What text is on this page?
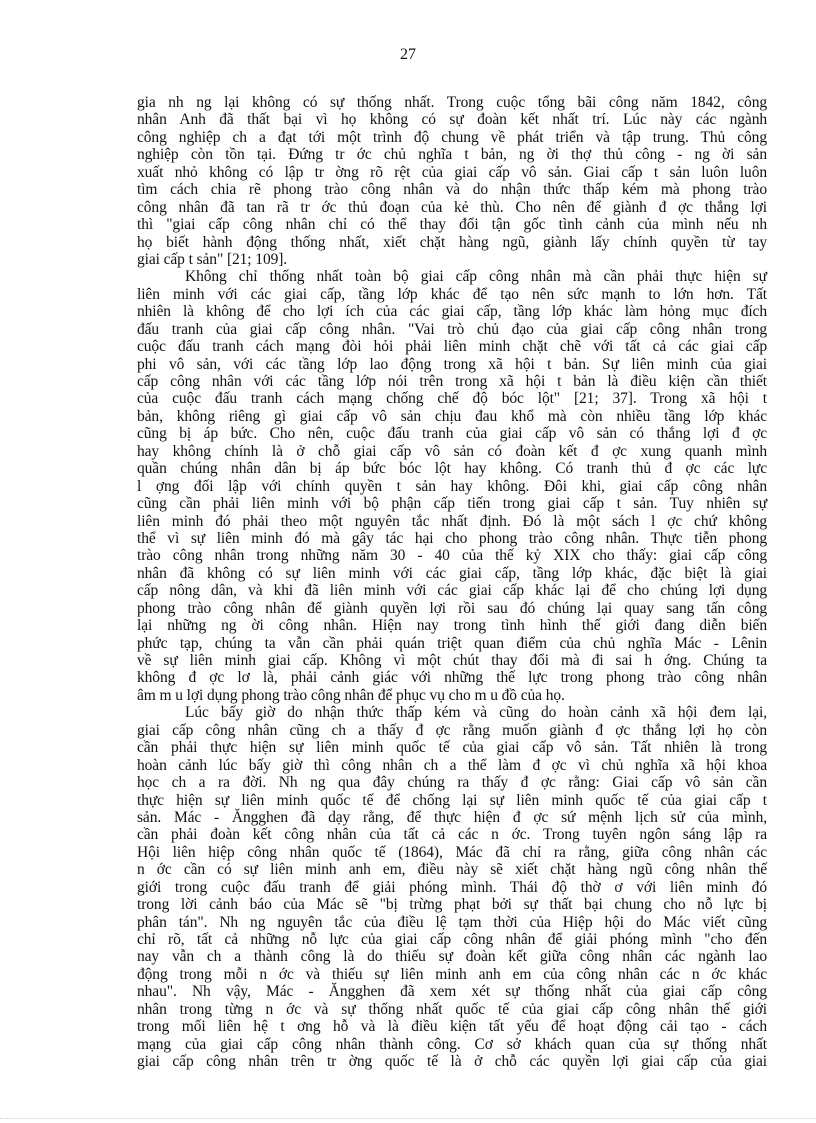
27
gia nh ng lại không có sự thống nhất. Trong cuộc tổng bãi công năm 1842, công
nhân Anh đã thất bại vì họ không có sự đoàn kết nhất trí. Lúc này các ngành
công nghiệp ch a đạt tới một trình độ chung về phát triển và tập trung. Thủ công
nghiệp còn tồn tại. Đứng tr ớc chủ nghĩa t bản, ng ời thợ thủ công - ng ời sản
xuất nhỏ không có lập tr ờng rõ rệt của giai cấp vô sản. Giai cấp t sản luôn luôn
tìm cách chia rẽ phong trào công nhân và do nhận thức thấp kém mà phong trào
công nhân đã tan rã tr ớc thủ đoạn của kẻ thù. Cho nên để giành đ ợc thắng lợi
thì "giai cấp công nhân chỉ có thể thay đổi tận gốc tình cảnh của mình nếu nh
họ biết hành động thống nhất, xiết chặt hàng ngũ, giành lấy chính quyền từ tay
giai cấp t sản" [21; 109].
Không chỉ thống nhất toàn bộ giai cấp công nhân mà cần phải thực hiện sự
liên minh với các giai cấp, tầng lớp khác để tạo nên sức mạnh to lớn hơn. Tất
nhiên là không để cho lợi ích của các giai cấp, tầng lớp khác làm hỏng mục đích
đấu tranh của giai cấp công nhân. "Vai trò chủ đạo của giai cấp công nhân trong
cuộc đấu tranh cách mạng đòi hỏi phải liên minh chặt chẽ với tất cả các giai cấp
phi vô sản, với các tầng lớp lao động trong xã hội t bản. Sự liên minh của giai
cấp công nhân với các tầng lớp nói trên trong xã hội t bản là điều kiện cần thiết
của cuộc đấu tranh cách mạng chống chế độ bóc lột" [21; 37]. Trong xã hội t
bản, không riêng gì giai cấp vô sản chịu đau khổ mà còn nhiều tầng lớp khác
cũng bị áp bức. Cho nên, cuộc đấu tranh của giai cấp vô sản có thắng lợi đ ợc
hay không chính là ở chỗ giai cấp vô sản có đoàn kết đ ợc xung quanh mình
quần chúng nhân dân bị áp bức bóc lột hay không. Có tranh thủ đ ợc các lực
l ợng đối lập với chính quyền t sản hay không. Đôi khi, giai cấp công nhân
cũng cần phải liên minh với bộ phận cấp tiến trong giai cấp t sản. Tuy nhiên sự
liên minh đó phải theo một nguyên tắc nhất định. Đó là một sách l ợc chứ không
thể vì sự liên minh đó mà gây tác hại cho phong trào công nhân. Thực tiễn phong
trào công nhân trong những năm 30 - 40 của thế kỷ XIX cho thấy: giai cấp công
nhân đã không có sự liên minh với các giai cấp, tầng lớp khác, đặc biệt là giai
cấp nông dân, và khi đã liên minh với các giai cấp khác lại để cho chúng lợi dụng
phong trào công nhân để giành quyền lợi rồi sau đó chúng lại quay sang tấn công
lại những ng ời công nhân. Hiện nay trong tình hình thế giới đang diễn biến
phức tạp, chúng ta vẫn cần phải quán triệt quan điểm của chủ nghĩa Mác - Lênin
về sự liên minh giai cấp. Không vì một chút thay đổi mà đi sai h ớng. Chúng ta
không đ ợc lơ là, phải cảnh giác với những thế lực trong phong trào công nhân
âm m u lợi dụng phong trào công nhân để phục vụ cho m u đồ của họ.
Lúc bấy giờ do nhận thức thấp kém và cũng do hoàn cảnh xã hội đem lại,
giai cấp công nhân cũng ch a thấy đ ợc rằng muốn giành đ ợc thắng lợi họ còn
cần phải thực hiện sự liên minh quốc tế của giai cấp vô sản. Tất nhiên là trong
hoàn cảnh lúc bấy giờ thì công nhân ch a thể làm đ ợc vì chủ nghĩa xã hội khoa
học ch a ra đời. Nh ng qua đây chúng ra thấy đ ợc rằng: Giai cấp vô sản cần
thực hiện sự liên minh quốc tế để chống lại sự liên minh quốc tế của giai cấp t
sản. Mác - Ăngghen đã dạy rằng, để thực hiện đ ợc sứ mệnh lịch sử của mình,
cần phải đoàn kết công nhân của tất cả các n ớc. Trong tuyên ngôn sáng lập ra
Hội liên hiệp công nhân quốc tế (1864), Mác đã chỉ ra rằng, giữa công nhân các
n ớc cần có sự liên minh anh em, điều này sẽ xiết chặt hàng ngũ công nhân thế
giới trong cuộc đấu tranh để giải phóng mình. Thái độ thờ ơ với liên minh đó
trong lời cảnh báo của Mác sẽ "bị trừng phạt bởi sự thất bại chung cho nỗ lực bị
phân tán". Nh ng nguyên tắc của điều lệ tạm thời của Hiệp hội do Mác viết cũng
chỉ rõ, tất cả những nỗ lực của giai cấp công nhân để giải phóng mình "cho đến
nay vẫn ch a thành công là do thiếu sự đoàn kết giữa công nhân các ngành lao
động trong mỗi n ớc và thiếu sự liên minh anh em của công nhân các n ớc khác
nhau". Nh vậy, Mác - Ăngghen đã xem xét sự thống nhất của giai cấp công
nhân trong từng n ớc và sự thống nhất quốc tế của giai cấp công nhân thế giới
trong mối liên hệ t ơng hỗ và là điều kiện tất yếu để hoạt động cải tạo - cách
mạng của giai cấp công nhân thành công. Cơ sở khách quan của sự thống nhất
giai cấp công nhân trên tr ờng quốc tế là ở chỗ các quyền lợi giai cấp của giai
